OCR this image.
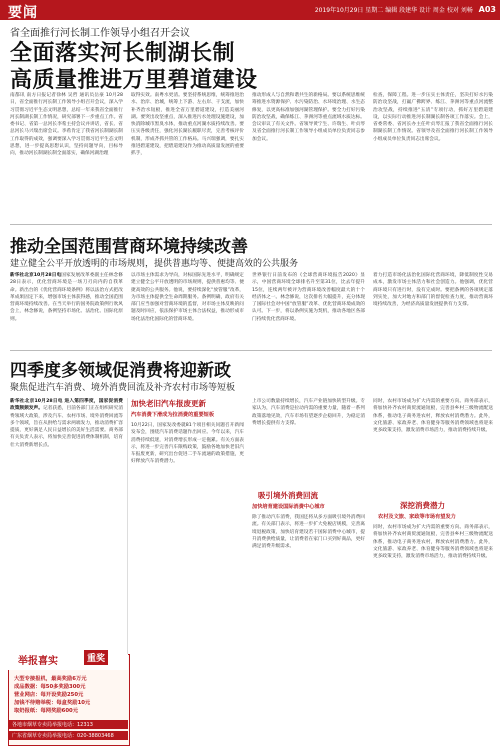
要闻	2019年10月29日 星期二 编辑 段建华 设计 周金 校对 刘畅 A03
省全面推行河长制工作领导小组召开会议
全面落实河长制湖长制
高质量推进万里碧道建设
南都讯 南方日报记者徐林 吴哲 通讯员岳豪 10月28日，省全面推行河长制工作领导小组召开会议，深入学习贯彻习近平生态文明思想，总结一年来我省全面推行河长制湖长制工作情况，研究部署下一步重点工作。省委书记、省第一总河长李希主持会议并讲话，省长、省总河长马兴瑞出席会议。李希肯定了我省河长制湖长制工作取得的成效，强调要深入学习贯彻习近平生态文明思想，进一步提高思想认识，坚持问题导向，目标导向，推动河长制湖长制全面落实，确保河湖治理
取得实效。南粤水更清。要坚持系统思维，统筹推进治水、治岸、治城，统筹上下游、左右岸、干支流，加快补齐治水短板，推进全省万里碧道建设，打造美丽河湖。要突出攻坚重点，深入推进污水处理设施建设，加快消除城市黑臭水体，推动重点河湖水质持续改善。要压实各级责任，强化河长湖长履职尽责，完善考核评价机制，形成齐抓共管的工作格局。马兴瑞强调，要扎实推进碧道建设，把碧道建设作为推动高质量发展的重要抓手，
推动形成人与自然和谐共生的新格局。要以系统思维统筹推进水资源保护、水污染防治、水环境治理、水生态修复，以更高标准加强河湖管理保护。要全力打好污染防治攻坚战，确保练江、茅洲河等重点流域水质达标。会议审议了有关文件。省领导黄宁生、许瑞生、叶贞琴及省全面推行河长制工作领导小组成员单位负责同志参加会议。
检查，保障工程。进一步压实主体责任，坚决打好水污染防治攻坚战，打赢广佛跨界、练江、茅洲河等重点河流整治攻坚战，持续推进“五清”专项行动，抓好万里碧道建设，以实际行动推进河长制湖长制各项工作落实。会上，省委常委、省河长办主任叶贞琴汇报了我省全面推行河长制湖长制工作情况。省领导及省全面推行河长制工作领导小组成员单位负责同志出席会议。
推动全国范围营商环境持续改善
建立健全公平开放透明的市场规则，提供普惠均等、便捷高效的公共服务
新华社北京10月28日电国家发展改革委副主任林念修28日表示，优化营商环境是一场刀刃向内的自我革命。新出台的《优化营商环境条例》将以法治方式把改革成果固定下来，增强市场主体获得感，推动全国范围营商环境持续改善。在当天举行的国务院政策例行吹风会上，林念修说，条例坚持市场化、法治化、国际化原则。
以市场主体需求为导向，对标国际先进水平，明确规定建立健全公平开放透明的市场规则，提供普惠均等、便捷高效的公共服务。他说，要持续深化“放管服”改革，为市场主体提供全生命周期服务。条例明确，政府有关部门应当加强对营商环境的监督，对市场主体反映的问题及时回应，依法保护市场主体合法权益，推动形成市场化法治化国际化的营商环境。
世界银行日前发布的《全球营商环境报告2020》显示，中国营商环境全球排名升至第31位，比去年提升15位，连续两年被评为营商环境改善幅度最大的十个经济体之一。林念修说，这次排名大幅提升，充分体现了国际社会对中国“放管服”改革、优化营商环境成效的认可。下一步，将以条例实施为契机，推动各地区各部门持续优化营商环境。
着力打造市场化法治化国际化营商环境，降低制度性交易成本，激发市场主体活力和社会创造力。他强调，优化营商环境只有进行时，没有完成时。要把条例的各项规定落到实处，加大对地方和部门的督促检查力度，推动营商环境持续改善，为经济高质量发展提供有力支撑。
四季度多领域促消费将迎新政
聚焦促进汽车消费、境外消费回流及补齐农村市场等短板
新华社北京10月28日电 进入第四季度，国家促消费政策频频发声。记者获悉，目前各部门正在组织研究消费领域大政策，涉及汽车、农村市场、境外消费回流等多个领域，旨在从供给与需求两端发力，推动消费扩容提质，更好满足人民日益增长的美好生活需要。商务部有关负责人表示，将加快完善促进消费体制机制，培育壮大消费新增长点。
加快老旧汽车报废更新
汽车消费下滑成为拉消费的重要短板
10月22日，国家发改委就81个项目相关问题召开新闻发布会，围绕汽车消费话题作出回应。今年以来，汽车消费持续低迷，对消费增长形成一定拖累。有关方面表示，将进一步完善汽车限购政策，鼓励各地加快老旧汽车报废更新，研究出台促进二手车流通的政策措施，更好释放汽车消费潜力。
上市公司数量持续增长，汽车产业链加快转型升级。专家认为，汽车消费是拉动内需的重要力量，随着一系列政策落地见效，汽车市场有望逐步企稳回升，为稳定消费增长提供有力支撑。
吸引境外消费回流
加快培育建设国际消费中心城市
除了推动汽车消费，我国还将从多方面吸引境外消费回流。有关部门表示，将进一步扩大免税店规模，完善离境退税政策，加快培育建设若干国际消费中心城市，提升消费供给质量，让消费者在家门口买到好商品，更好满足消费升级需求。
同时，农村市场成为扩大内需的重要方向。商务部表示，将加快补齐农村商贸流通短板，完善县乡村三级物流配送体系，推动电子商务进农村，释放农村消费潜力。此外，文化旅游、家政养老、体育健身等服务消费领域也将迎来更多政策支持，激发消费市场活力，推动消费持续升级。
深挖消费潜力
农村及文旅、家政等市场有望发力
同时，农村市场成为扩大内需的重要方向。商务部表示，将加快补齐农村商贸流通短板，完善县乡村三级物流配送体系，推动电子商务进农村，释放农村消费潜力。此外，文化旅游、家政养老、体育健身等服务消费领域也将迎来更多政策支持，激发消费市场活力，推动消费持续升级。
举报喜实	重奖
大型专接报机，最高奖励6万元
成品数据：每50多奖励300元
营业网店：每开设奖励250元
加钱不待赔举税：每盒奖励10元
取奶报纸：每网奖励600元
各地市烟草专卖局举报电话：12313
广东省烟草专卖局举报电话：020-38803468
